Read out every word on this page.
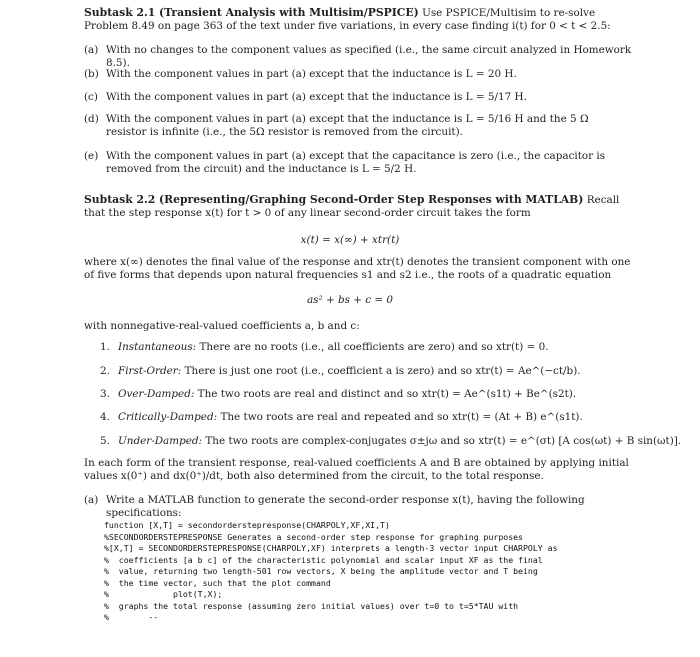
Subtask 2.1 (Transient Analysis with Multisim/PSPICE) Use PSPICE/Multisim to re-solve Problem 8.49 on page 363 of the text under five variations, in every case finding i(t) for 0 < t < 2.5:
(a) With no changes to the component values as specified (i.e., the same circuit analyzed in Homework 8.5).
(b) With the component values in part (a) except that the inductance is L = 20 H.
(c) With the component values in part (a) except that the inductance is L = 5/17 H.
(d) With the component values in part (a) except that the inductance is L = 5/16 H and the 5 Ω resistor is infinite (i.e., the 5Ω resistor is removed from the circuit).
(e) With the component values in part (a) except that the capacitance is zero (i.e., the capacitor is removed from the circuit) and the inductance is L = 5/2 H.
Subtask 2.2 (Representing/Graphing Second-Order Step Responses with MATLAB) Recall that the step response x(t) for t > 0 of any linear second-order circuit takes the form
x(t) = x(∞) + xtr(t)
where x(∞) denotes the final value of the response and xtr(t) denotes the transient component with one of five forms that depends upon natural frequencies s1 and s2 i.e., the roots of a quadratic equation
as² + bs + c = 0
with nonnegative-real-valued coefficients a, b and c:
1. Instantaneous: There are no roots (i.e., all coefficients are zero) and so xtr(t) = 0.
2. First-Order: There is just one root (i.e., coefficient a is zero) and so xtr(t) = Ae^(−ct/b).
3. Over-Damped: The two roots are real and distinct and so xtr(t) = Ae^(s1t) + Be^(s2t).
4. Critically-Damped: The two roots are real and repeated and so xtr(t) = (At + B) e^(s1t).
5. Under-Damped: The two roots are complex-conjugates σ±jω and so xtr(t) = e^(σt) [A cos(ωt) + B sin(ωt)].
In each form of the transient response, real-valued coefficients A and B are obtained by applying initial values x(0⁺) and dx(0⁺)/dt, both also determined from the circuit, to the total response.
(a) Write a MATLAB function to generate the second-order response x(t), having the following specifications:
function [X,T] = secondorderstepresponse(CHARPOLY,XF,XI,T)
%SECONDORDERSTEPRESPONSE Generates a second-order step response for graphing purposes
%[X,T] = SECONDORDERSTEPRESPONSE(CHARPOLY,XF) interprets a length-3 vector input CHARPOLY as
%  coefficients [a b c] of the characteristic polynomial and scalar input XF as the final
%  value, returning two length-501 row vectors, X being the amplitude vector and T being
%  the time vector, such that the plot command
%             plot(T,X);
%  graphs the total response (assuming zero initial values) over t=0 to t=5*TAU with
%        --
